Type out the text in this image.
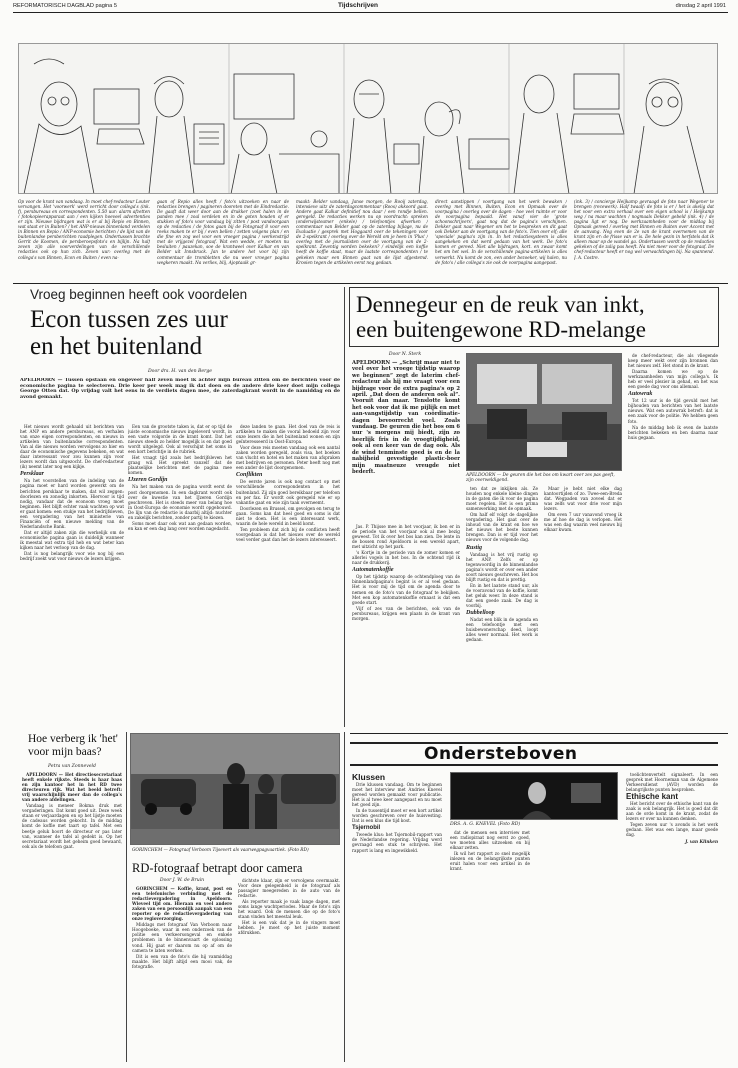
REFORMATORISCH DAGBLAD pagina 5	Tijdschrijven	dinsdag 2 april 1991
Op voor de krant van vandaag. In moet chef-redacteur Louter vervangen. Het 'voorwerk' werd verricht door collega's (ink. f), persbureaus en correspondenten. 5.50 uur: alarm afzetten / fotokopieerapparaat aan / een kijken hoeveel advertenties er zijn. Nieuwe bijdragen wat is er al bij Repio en Binnen, wat staat er in Buiten? / het ANP-nieuws binnenland verdelen in Binnen en Repio / ANP-economie berichten / de lijst van de buitenlandse persberichten raadplegen. Ondertussen brachte Gerrit de Koomen, de persberoepsfoto's en bijlijn. Na half zeven zijn alle voorverdelingen van de verschillende redacties ook op hun zich. Zeven uur: overleg met de collega's van Binnen, Econ en Buiten / even na-
gaan of Repio alles heeft / foto's uitzoeken en naar de redacties brengen / pagineren dooreten met de Eindredactie. De gaaft dat weer door aan de drukker (zoet halen in de panden mee / zoal verdelen en in de goten houden of er stukken of foto's voor vandaag bij zitten / post vandoorgaan op de redacties / de fotos gaan bij de Fotograaf 8 voor een reeks maken te er bij / even bellen / zetten volgens plan / en die fine en zog wel voor een vroeger pagina / werkenstrijd met de vrijgezel fotograaf. Wat een wedde, er moeten nu besluiten / pauzekan, soe de krantweel over Kalkar en van Belder uit Innsbruck. Jan te andere het voor bij zijn commentaar de trombletten die nu weer vroeger pagina wegkeren maakt. Na verlies, blij, Ajoptaaik gr-
maakt: Belder vandaag, Janse morgen, de Rooij zaterdag, intensieve uitz de zaterdagcommentaar (Roos) akkoord gaat. Andere gaat Kalkar definitief nou daar / een rondje bellen. geregeld. De redacties werken nu op voordracht: spreken (onderwijsteamer (enkele) / telefoontjes afwerken / commentaar van Belder gaat op de zaterdag bijlage, nu de Evaluatie / gesprek met Hoggaard over de tekeningen voor de 2-spelkrant / overleg over de Wereld om je heen in 'Plus' / overleg met de journalisten over de voortgang van de 2-spelkrant. Zeventig worden bekeken? / eindelijk een koffie heeft de koffie staat, maar de laatste correspondenten / te gekeken maar een Binnen gaat van de lijst afgestemd. Krooien tegen de artikelen eerst nog gedaan.
direct aanstippen / voortgang van het werk bewaken / overleg met Binnen, Buiten, Econ en Opmaak over de voorpagina / overleg over de dagen - hoe veel ruimte er voor de voorpagina bepaald. Het vanaf vier de 'grote schoonschrijvers', gaat nog dat de pagina's verschijnen. Dekker gaat naar Wegener om het te bespreken en dit gaat ook Dekker aan de voortgang van de foto's. Tien over elf; alle 'speciale' pagina's zijn in. In het redactiesysteem is alles aangekeken en dat werd gedaan van het werk. De foto's komen er gereed. Niet alle bijdragen, kort. en zwaar komt het om het wel. In de verschillende pagina-artikelen is alles verwerkt. Nu komt de zon, een ander bezoeker, wij halen, nu de foto's / alle collega's zie ook de voorpagina aangepast.
(ink. 3) / concierge Heijkamp gevraagd de foto naar Wegener te brengen (recewerk). Half twaalf: de foto is er / het is akelig dat het voor een extra verhaal over een eigen school is / Heijkamp weg / na maar wachten / nogmaals Dekker gebeld (ink. 4) / de pagina ligt er nog. De werkzaamheden voor de middag bij Opmaak gereed / overleg met Binnen en Buiten over Accent met de aanvang. Nog even de 2e van de krant overnemen van de krant zijn er: de frisse van er is. De hele gezin in herfstels dat ik alleen maar op de wandel ga. Ondertussen wordt op de redacties gekeken of de zalig pas heeft. Na niet meer voor de fotograaf. De chef-redacteur heeft er nog wel verwachtingen bij. Na spannend. J. A. Costre.
Vroeg beginnen heeft ook voordelen
Econ tussen zes uur
en het buitenland
Door drs. H. van den Berge
APELDOORN — Tussen opstaan en ongeveer half zeven moet ik achter mijn bureau zitten om de berichten voor de economische pagina te selecteren. Drie keer per week mag ik dat doen en de andere drie keer doet mijn collega George Otten dat. Op vrijdag valt het eens in de verdiets dagen mee, de zaterdagkrant wordt in de namiddag en de avond gemaakt.

Het nieuws wordt gehaald uit berichten van het ANP en andere persbureaus, en verhalen van onze eigen correspondenten, en nieuws in artikelen van buitenlandse correspondenten. Van al die nieuws worden vervolgens zo hier en daar de economische gegevens bekeken, en wat daar interessant voor zou kunnen zijn voor lezers wordt dan uitgezocht. De chef-redacteur (ik) neemt later nog een kijkje.

Persklaar

Na het voorstellen van de indeling van de pagina moet er hard worden gewerkt om de berichten persklaar te maken, dat wil zeggen: doorlezen en zonodig inkorten. Hiervoor is tijd nodig, vandaar dat de econoom vroeg moet beginnen. Het blijft echter vaak wachten op wat er gaat komen: een stukje van het bedrijfsleven, een vergadering van het ministerie van Financiën of een nieuwe melding van de Nederlandsche Bank.

Dat er altijd zaken zijn die werkelijk om de economische pagina gaan is duidelijk wanneer ik meestal wat extra tijd heb en wat beter kan kijken naar het verloop van de dag.

Dat is nog belangrijk voor wie nog bij een bedrijf zoekt wat voor nieuws de lezers krijgen.

Een van de grootste taken is, dat er op tijd de juiste economische nieuws ingeleverd wordt, in een vaste volgorde in de krant komt. Dat het nieuws steeds zo helder mogelijk is en dat goed wordt uitgelegd. Ook al verschijnt het soms in een kort berichtje in de rubriek.

Het vraagt tijd zoals het bedrijfsleven het graag wil. Het spreekt vanzelf dat de plaatselijke berichten met de pagina mee komen.

IJzeren Gordijn

Na het maken van de pagina wordt eerst de post doorgenomen. In een dagkrant wordt ook over de kwestie van het IJzeren Gordijn geschreven. Het is steeds meer van belang hoe in Oost-Europa de economie wordt opgebouwd. De lijn van de redactie is daarbij altijd: nuchter en zakelijk berichten, zonder partij te kiezen.

Soms moet daar ook wat aan gedaan worden, en kan er een dag lang over worden nagedacht.

deze landen te gaan. Het doel van de reis is artikelen te maken die vooral bedoeld zijn voor onze lezers die in het buitenland wonen en zijn geïnteresseerd in Oost-Europa.

Voor deze reis moeten vandaag ook een aantal zaken worden geregeld, zoals visa, het boeken van vlucht en hotel en het maken van afspraken met bedrijven en personen. Peter heeft nog met een ander de lijst doorgenomen.

Conflikten

De eerste jaren is ook nog contact op met verschillende correspondenten in het buitenland. Zij zijn goed bereikbaar per telefoon en per fax. Er wordt ook geregeld wie er op vakantie gaat en wie zijn taak overneemt.

Doorlezen en Brussel, om gevolgen en terug te gaan. Soms kan dat heel goed en soms is dat niet te doen. Het is een interessant werk, waarin de hele wereld in beeld komt.

Ten probleem dat zich bij de conflicten heeft voorgedaan is dat het nieuws over de wereld veel verder gaat dan het de lezers interesseert.

Dennegeur en de reuk van inkt,
een buitengewone RD-melange
Door N. Sterk
APELDOORN — „Schrijf maar niet te veel over het vroege tijdstip waarop we beginnen” zegt de laterim chef-redacteur als hij me vraagt voor een bijdrage voor de extra pagina's op 2 april. „Dat doen de anderen ook al”. Vooruit dan maar. Tenslotte komt het ook voor dat ik me pijlijk en met aan-vangstijdstip van coördinatie-dagen bevoorrecht voel. Zoals vandaag. De geuren die het bos om 6 uur 's morgens mij biedt, zijn zo heerlijk fris in de vroegtijdigheid, ook al een keer van de dag ook. Als de wind tenminste goed is en de la nabijheid gevestigde plastic-boer mijn maatneuze vreugde niet bederft.
APELDOORN — De geuren die het bos om kwart over zes pas geeft, zijn overweldigend.

Jas. P. Thijsse mee in het voorjaar, ik ben er in de periode van het voorjaar ook al mee bezig geweest. Tot ik over het bos kan zien. De lente in de bossen rond Apeldoorn is een wereld apart, met uitzicht op het park.

's Kortje in de periode van de zomer komen er allerlei vogels in het bos. In de ochtend rijd ik naar de drukkerij.

Automatenkoffie

Op het tijdstip waarop de ochtendploeg van de binnenlandpagina's begint is er al veel gedaan. Het is voor mij de tijd om de agenda door te nemen en de foto's van de fotograaf te bekijken. Met een kop automatenkoffie ernaast is dat een goede start.

Vijf of zes van de berichten, ook van de persbureaus, krijgen een plaats in de krant van morgen.

ten dat ze inkijken als. Ze houden nog enkele kleine dingen in de gaten die ik voor de pagina moet regelen. Het is een prima samenwerking met de opmaak.

Om half elf volgt de dagelijkse vergadering. Het gaat over de inhoud van de krant en hoe we het nieuws het beste kunnen brengen. Dan is er tijd voor het nieuws voor de volgende dag.

Rustig

Vandaag is het vrij rustig op het ANP. Zelfs er op tegenwoordig in de binnenlandse pagina's wordt er over een ander soort nieuws geschreven. Het bos blijft rustig en dat is prettig.

En in het laatste stand uur, als de vooravond van de koffie, komt het geluk weer. In deze stand is dat een goede zaak. De dag is voorbij.

Dubbelloop

Nadat een blik in de agenda en een telefoontje met een huisbewonerschap deed, loopt alles weer normaal. Het werk is gedaan.

Maar je hebt niet elke dag kantoortijden of zo. Twee-een-Breda dat. Wegpaden van zoveel dat er was zelfs wat voor drie voor mijn lezers.

Om even 7 uur vanavond vroeg ik me af hoe de dag is verlopen. Het was een dag waarin veel nieuws bij elkaar kwam.

de chef-redacteur, die als vliegende keep meer wekt over zijn bronnen dan het nieuws zelf. Het stond in de krant.

Daarna komen we op de werkzaamheden van mijn collega's. Ik heb er veel plezier in gehad, en het was een goede dag voor ons allemaal.

Autowrak

Tot 12 uur is de tijd gevuld met het bijhouden van berichten van het laatste nieuws. Wat een autowrak betreft: dat is een zaak voor de politie. We hebben geen foto.

Na de middag heb ik even de laatste berichten bekeken en ben daarna naar huis gegaan.

Hoe verberg ik 'het' voor mijn baas?
Petra van Zonneveld

APELDOORN — Het directiesecretariaat heeft enkele rijkste. Steeds is haar baas en zijn kantoor het in het RD twee directeuren rijk. Wat het beeld betreft: vrij waarschijnlijk meer dan de collega's van andere afdelingen.

Vandaag is meneer Bokma druk met vergaderingen. Dat komt goed uit. Deze week staan er verjaardagen en op het lijstje moeten de cadeaus worden gekocht. In de middag komt de koffie met taart op tafel. Met een beetje geluk hoort de directeur er pas later van, wanneer de tafel al gedekt is. Op het secretariaat wordt het geheim goed bewaard, ook als de telefoon gaat.

GORINCHEM — Fotograaf Verboom Tijsevert als vaarwegpagvaartiek. (Foto RD)
RD-fotograaf betrapt door camera
Door J. W. de Bruin

GORINCHEM — Koffie, krant, post en een telefonische verbinding met de redactievergadering in Apeldoorn. Wieveel tijd om. Hieraan en veel andere zaken van een persoonlijk aanpak van een reporter op de redactievergadering van onze regioverzorging.

Middags met fotograaf Van Verboom naar Hoogeboeke, waar in een onderzoek van de politie een verkeersongeval en enkele problemen in de binnenvaart de oplossing vond. Hij gaat er daarom nu op af om de camera te laten werken.

Dit is een van de foto's die hij vanmiddag maakte. Het blijft altijd een mooi vak, de fotografie.

dichtste klaar, zijn er vervolgens overmaakt. Voor deze gelegenheid is de fotograaf als passagier meegereden in de auto van de redactie.

Als reporter maak je vaak lange dagen, met soms lange wachtperiodes. Maar de foto's zijn het waard. Ook de mensen die op de foto's staan vinden het meestal leuk.

Het is een vak dat je in de vingers moet hebben. Je moet op het juiste moment afdrukken.

Onderstebоven
Klussen

Drie klussen vandaag. Om te beginnen moet het interview met Andries Knevel gereed worden gemaakt voor publicatie. Het is al twee keer aangepast en nu moet het goed zijn.

In de tussentijd moet er een kort artikel worden geschreven over de huisvesting. Dat is een klus die tijd kost.

Tsjernobil

Tweede klus: het Tsjernobil-rapport van de Nederlandse regering. Vrijdag werd gevraagd een stuk te schrijven. Het rapport is lang en ingewikkeld.

DRS. A. G. KNEVEL (Foto RD)

dat de mensen een interview met een radiopiraat nog eerst zo goed, we moeten alles uitzoeken en bij elkaar zetten.

Ik wil het rapport zo snel mogelijk inlezen en de belangrijkste punten eruit halen voor een artikel in de krant.

toelichtenvertelt signaleert. In een gesprek met Hoorneman van de Algemene Verkeersdienst (AVD) worden de belangrijkste punten besproken.

Ethische kant

Het bericht over de ethische kant van de zaak is ook belangrijk. Het is goed dat dit aan de orde komt in de krant, zodat de lezers er over na kunnen denken.

Tegen zeven uur 's avonds is het werk gedaan. Het was een lange, maar goede dag.

J. van Klinken
